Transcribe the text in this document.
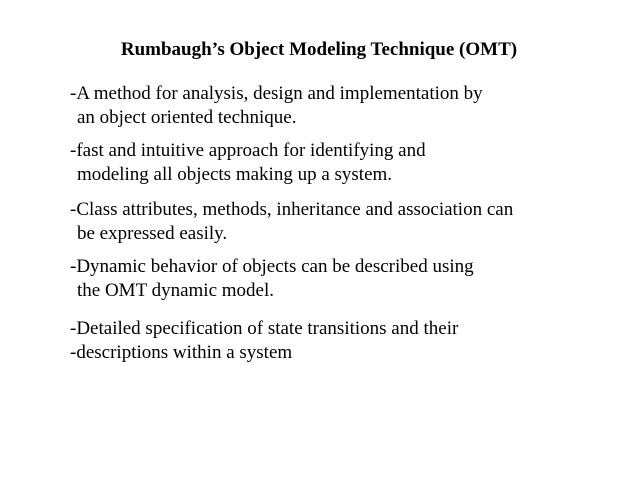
Rumbaugh’s Object Modeling Technique (OMT)
-A method for analysis, design and implementation by
an object oriented technique.
-fast and intuitive approach for identifying and
modeling all objects making up a system.
-Class attributes, methods, inheritance and association can
be expressed easily.
-Dynamic behavior of objects can be described using
the OMT dynamic model.
-Detailed specification of state transitions and their
-descriptions within a system
